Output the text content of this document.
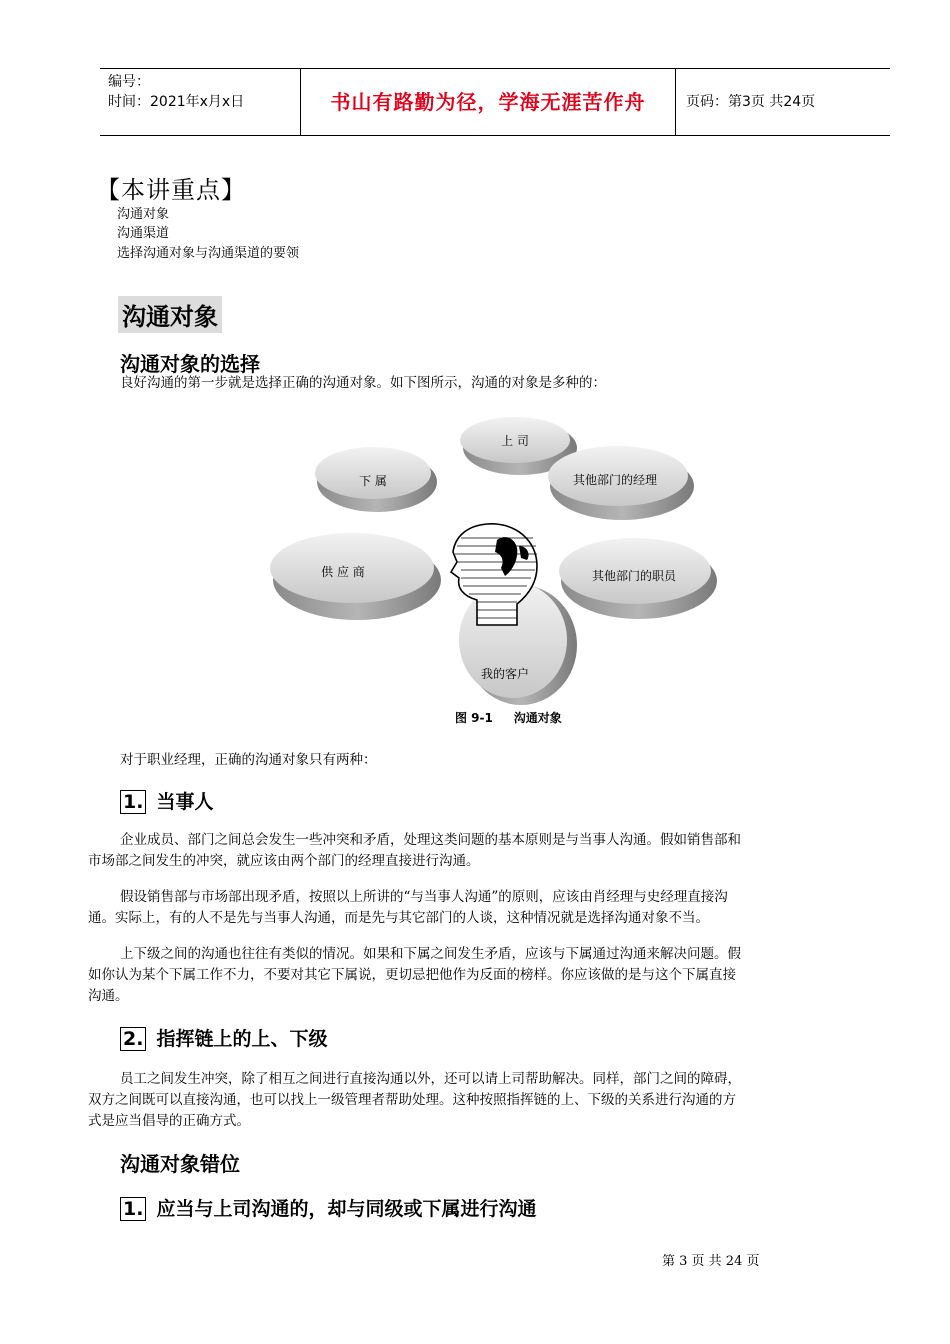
编号：
时间：2021年x月x日	书山有路勤为径，学海无涯苦作舟	页码：第3页 共24页
【本讲重点】
沟通对象
沟通渠道
选择沟通对象与沟通渠道的要领
沟通对象
沟通对象的选择
良好沟通的第一步就是选择正确的沟通对象。如下图所示，沟通的对象是多种的：
上 司
下 属	其他部门的经理
供 应 商	其他部门的职员
我的客户
图 9-1     沟通对象
对于职业经理，正确的沟通对象只有两种：
1. 当事人
企业成员、部门之间总会发生一些冲突和矛盾，处理这类问题的基本原则是与当事人沟通。假如销售部和
市场部之间发生的冲突，就应该由两个部门的经理直接进行沟通。
假设销售部与市场部出现矛盾，按照以上所讲的“与当事人沟通”的原则，应该由肖经理与史经理直接沟
通。实际上，有的人不是先与当事人沟通，而是先与其它部门的人谈，这种情况就是选择沟通对象不当。
上下级之间的沟通也往往有类似的情况。如果和下属之间发生矛盾，应该与下属通过沟通来解决问题。假
如你认为某个下属工作不力，不要对其它下属说，更切忌把他作为反面的榜样。你应该做的是与这个下属直接
沟通。
2. 指挥链上的上、下级
员工之间发生冲突，除了相互之间进行直接沟通以外，还可以请上司帮助解决。同样，部门之间的障碍，
双方之间既可以直接沟通，也可以找上一级管理者帮助处理。这种按照指挥链的上、下级的关系进行沟通的方
式是应当倡导的正确方式。
沟通对象错位
1. 应当与上司沟通的，却与同级或下属进行沟通
第 3 页 共 24 页
